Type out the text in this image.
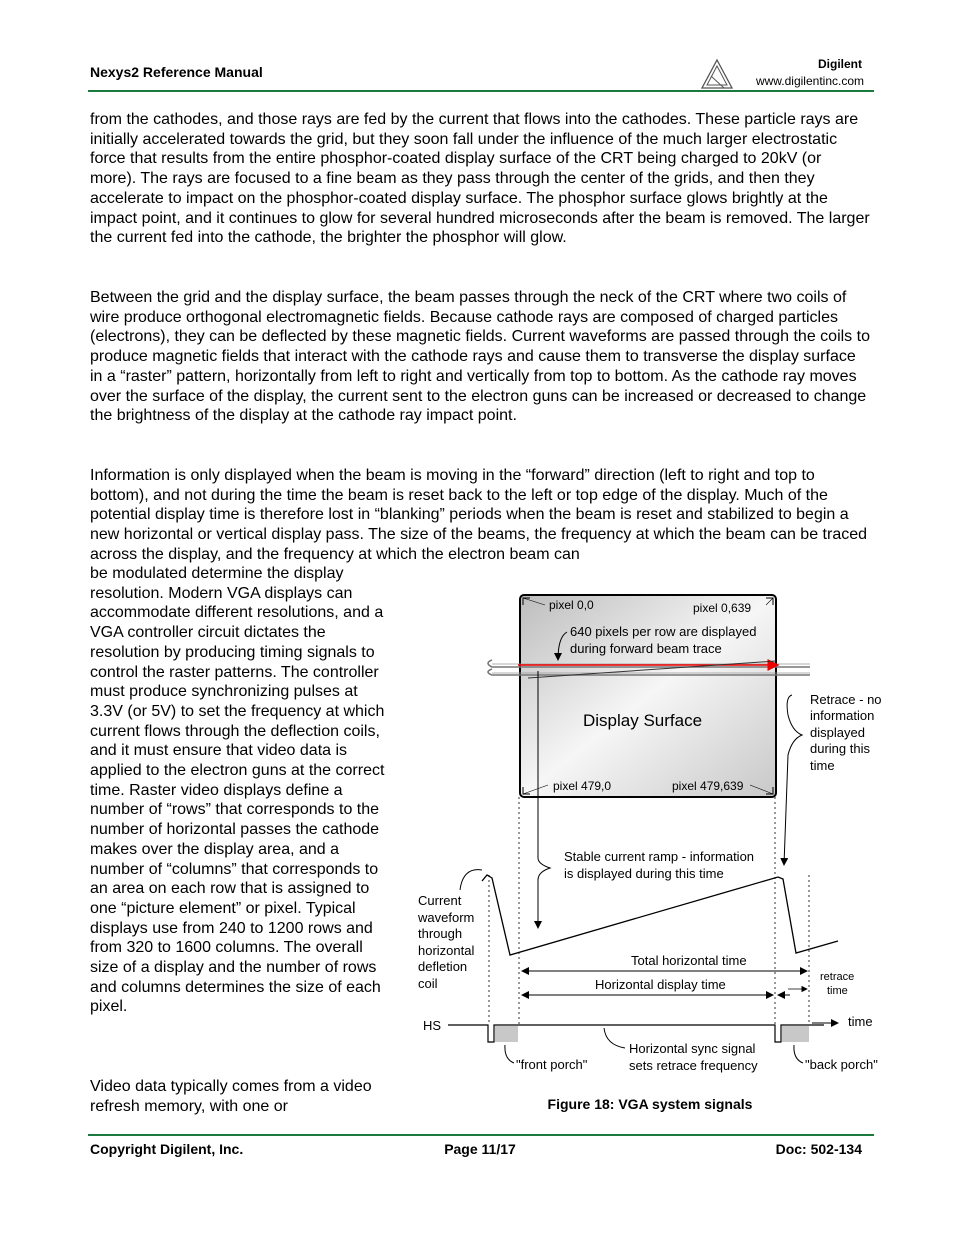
Nexys2 Reference Manual	Digilent
www.digilentinc.com

from the cathodes, and those rays are fed by the current that flows into the cathodes. These particle rays are initially accelerated towards the grid, but they soon fall under the influence of the much larger electrostatic force that results from the entire phosphor-coated display surface of the CRT being charged to 20kV (or more). The rays are focused to a fine beam as they pass through the center of the grids, and then they accelerate to impact on the phosphor-coated display surface. The phosphor surface glows brightly at the impact point, and it continues to glow for several hundred microseconds after the beam is removed. The larger the current fed into the cathode, the brighter the phosphor will glow.

Between the grid and the display surface, the beam passes through the neck of the CRT where two coils of wire produce orthogonal electromagnetic fields. Because cathode rays are composed of charged particles (electrons), they can be deflected by these magnetic fields. Current waveforms are passed through the coils to produce magnetic fields that interact with the cathode rays and cause them to transverse the display surface in a “raster” pattern, horizontally from left to right and vertically from top to bottom. As the cathode ray moves over the surface of the display, the current sent to the electron guns can be increased or decreased to change the brightness of the display at the cathode ray impact point.

Information is only displayed when the beam is moving in the “forward” direction (left to right and top to bottom), and not during the time the beam is reset back to the left or top edge of the display. Much of the potential display time is therefore lost in “blanking” periods when the beam is reset and stabilized to begin a new horizontal or vertical display pass. The size of the beams, the frequency at which the beam can be traced across the display, and the frequency at which the electron beam can

be modulated determine the display resolution. Modern VGA displays can accommodate different resolutions, and a VGA controller circuit dictates the resolution by producing timing signals to control the raster patterns. The controller must produce synchronizing pulses at 3.3V (or 5V) to set the frequency at which current flows through the deflection coils, and it must ensure that video data is applied to the electron guns at the correct time. Raster video displays define a number of “rows” that corresponds to the number of horizontal passes the cathode makes over the display area, and a number of “columns” that corresponds to an area on each row that is assigned to one “picture element” or pixel. Typical displays use from 240 to 1200 rows and from 320 to 1600 columns. The overall size of a display and the number of rows and columns determines the size of each pixel.

Video data typically comes from a video refresh memory, with one or

pixel 0,0	pixel 0,639
pixel 479,0	pixel 479,639
Display Surface
640 pixels per row are displayed
during forward beam trace
Retrace - no
information
displayed
during this
time
Stable current ramp - information
is displayed during this time
Current
waveform
through
horizontal
defletion
coil
Total horizontal time
Horizontal display time	retrace
time
HS	time
"front porch"	"back porch"
Horizontal sync signal
sets retrace frequency
Figure 18: VGA system signals
Copyright Digilent, Inc.	Page 11/17	Doc: 502-134
